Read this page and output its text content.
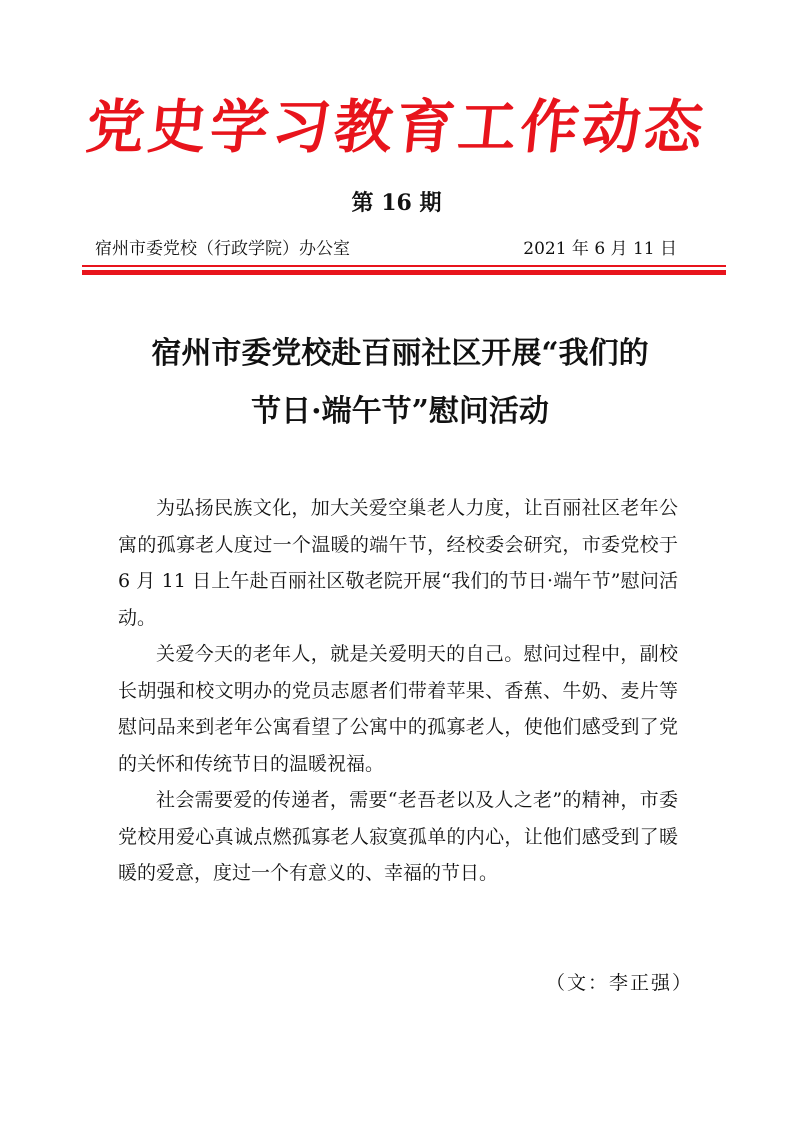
党史学习教育工作动态
第 16 期
宿州市委党校（行政学院）办公室	2021 年 6 月 11 日
宿州市委党校赴百丽社区开展“我们的
节日·端午节”慰问活动

为弘扬民族文化，加大关爱空巢老人力度，让百丽社区老年公寓的孤寡老人度过一个温暖的端午节，经校委会研究，市委党校于 6 月 11 日上午赴百丽社区敬老院开展“我们的节日·端午节”慰问活动。

关爱今天的老年人，就是关爱明天的自己。慰问过程中，副校长胡强和校文明办的党员志愿者们带着苹果、香蕉、牛奶、麦片等慰问品来到老年公寓看望了公寓中的孤寡老人，使他们感受到了党的关怀和传统节日的温暖祝福。

社会需要爱的传递者，需要“老吾老以及人之老”的精神，市委党校用爱心真诚点燃孤寡老人寂寞孤单的内心，让他们感受到了暖暖的爱意，度过一个有意义的、幸福的节日。

（文：李正强）
